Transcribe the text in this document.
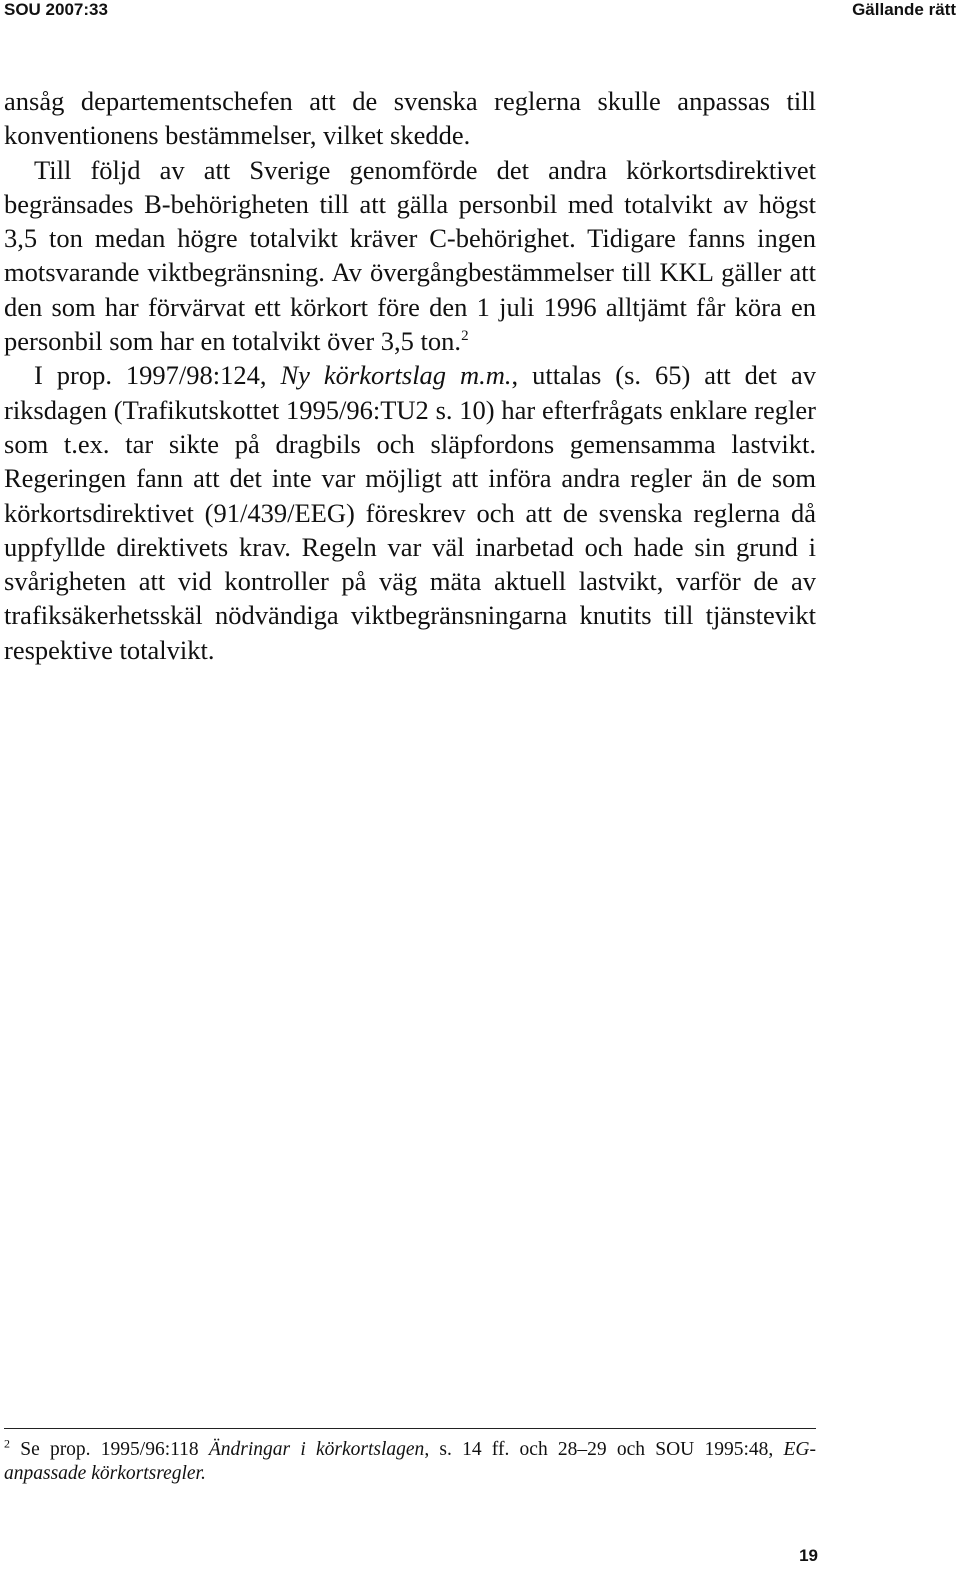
SOU 2007:33	Gällande rätt

ansåg departementschefen att de svenska reglerna skulle anpassas till konventionens bestämmelser, vilket skedde.

Till följd av att Sverige genomförde det andra körkortsdirektivet begränsades B-behörigheten till att gälla personbil med totalvikt av högst 3,5 ton medan högre totalvikt kräver C-behörighet. Tidigare fanns ingen motsvarande viktbegränsning. Av övergångbestämmelser till KKL gäller att den som har förvärvat ett körkort före den 1 juli 1996 alltjämt får köra en personbil som har en totalvikt över 3,5 ton.$^2$

I prop. 1997/98:124, Ny körkortslag m.m., uttalas (s. 65) att det av riksdagen (Trafikutskottet 1995/96:TU2 s. 10) har efterfrågats enklare regler som t.ex. tar sikte på dragbils och släpfordons gemensamma lastvikt. Regeringen fann att det inte var möjligt att införa andra regler än de som körkortsdirektivet (91/439/EEG) föreskrev och att de svenska reglerna då uppfyllde direktivets krav. Regeln var väl inarbetad och hade sin grund i svårigheten att vid kontroller på väg mäta aktuell lastvikt, varför de av trafiksäkerhetsskäl nödvändiga viktbegränsningarna knutits till tjänstevikt respektive totalvikt.

$^2$ Se prop. 1995/96:118 Ändringar i körkortslagen, s. 14 ff. och 28–29 och SOU 1995:48, EG-anpassade körkortsregler.
19
